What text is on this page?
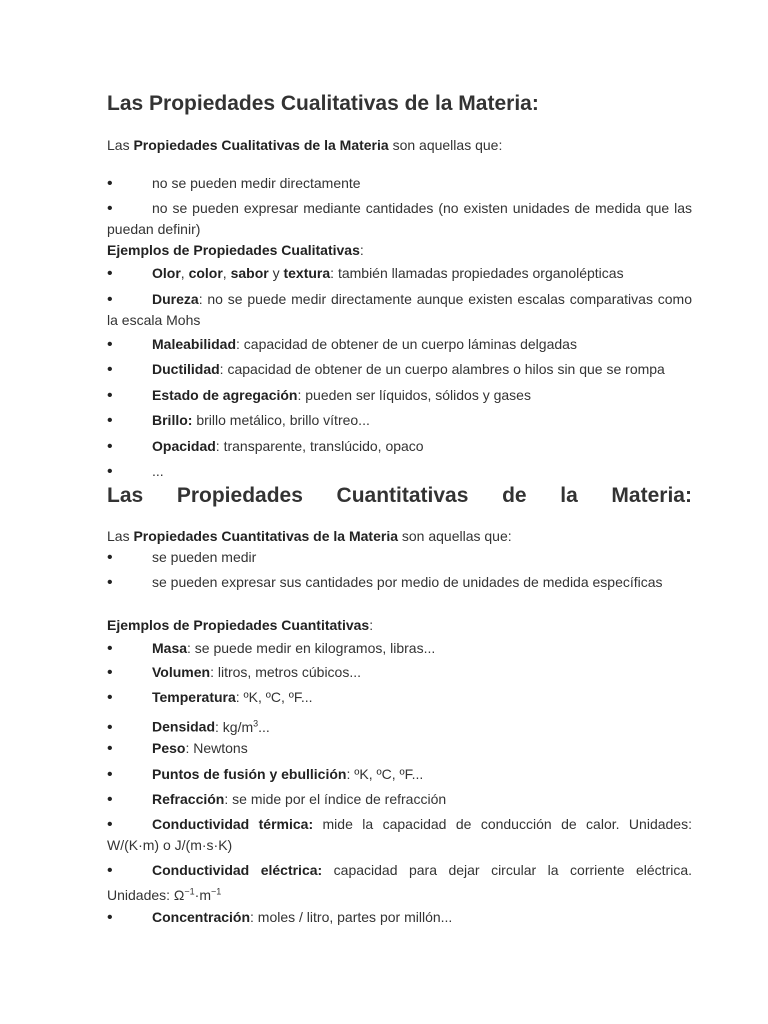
Las Propiedades Cualitativas de la Materia:
Las Propiedades Cualitativas de la Materia son aquellas que:
•	no se pueden medir directamente
•	no se pueden expresar mediante cantidades (no existen unidades de medida que las puedan definir)
Ejemplos de Propiedades Cualitativas:
•	Olor, color, sabor y textura: también llamadas propiedades organolépticas
•	Dureza: no se puede medir directamente aunque existen escalas comparativas como la escala Mohs
•	Maleabilidad: capacidad de obtener de un cuerpo láminas delgadas
•	Ductilidad: capacidad de obtener de un cuerpo alambres o hilos sin que se rompa
•	Estado de agregación: pueden ser líquidos, sólidos y gases
•	Brillo: brillo metálico, brillo vítreo...
•	Opacidad: transparente, translúcido, opaco
•	...
Las Propiedades Cuantitativas de la Materia:
Las Propiedades Cuantitativas de la Materia son aquellas que:
•	se pueden medir
•	se pueden expresar sus cantidades por medio de unidades de medida específicas
Ejemplos de Propiedades Cuantitativas:
•	Masa: se puede medir en kilogramos, libras...
•	Volumen: litros, metros cúbicos...
•	Temperatura: ºK, ºC, ºF...
•	Densidad: $kg/m^3$...
•	Peso: Newtons
•	Puntos de fusión y ebullición: ºK, ºC, ºF...
•	Refracción: se mide por el índice de refracción
•	Conductividad térmica: mide la capacidad de conducción de calor. Unidades: W/(K·m) o J/(m·s·K)
•	Conductividad eléctrica: capacidad para dejar circular la corriente eléctrica. Unidades: $\Omega^{-1}\cdot m^{-1}$
•	Concentración: moles / litro, partes por millón...
